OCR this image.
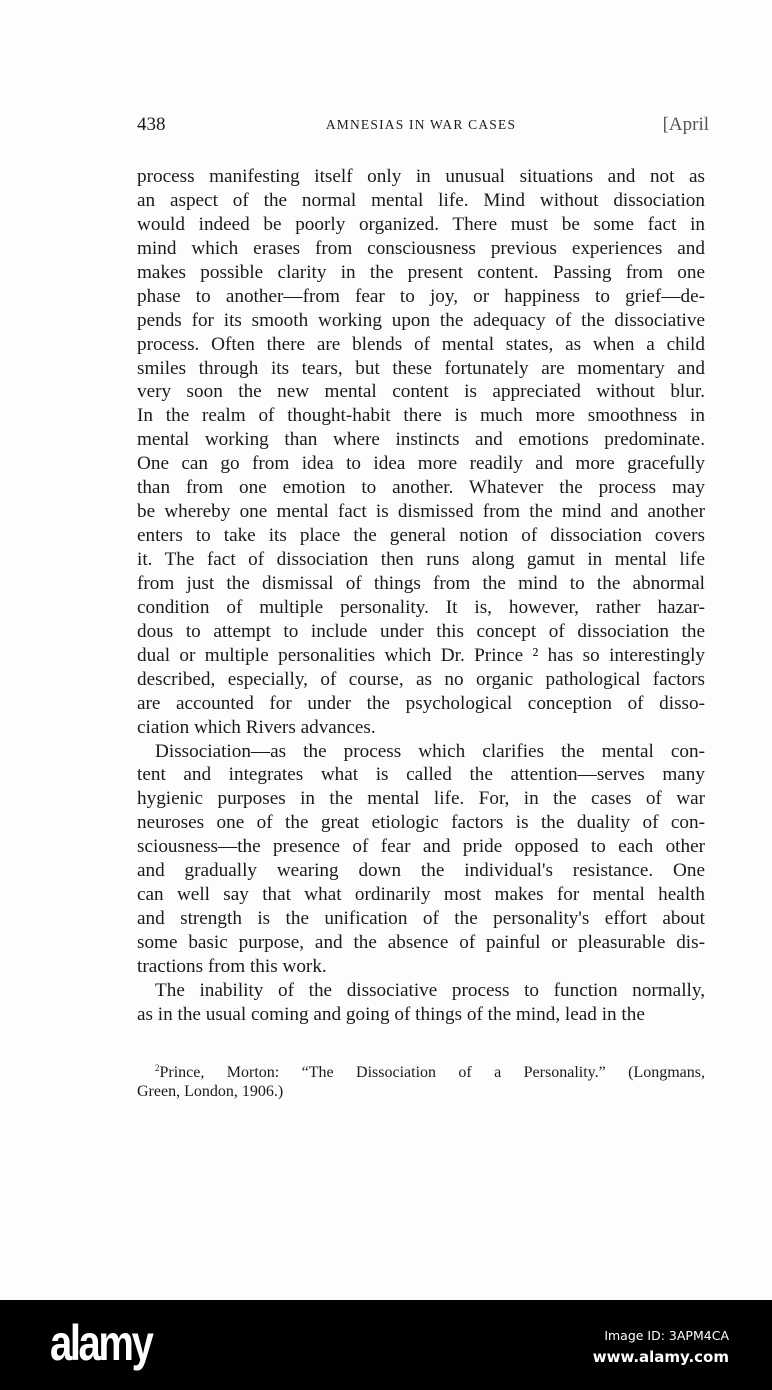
438	AMNESIAS IN WAR CASES	[April
process manifesting itself only in unusual situations and not as
an aspect of the normal mental life. Mind without dissociation
would indeed be poorly organized. There must be some fact in
mind which erases from consciousness previous experiences and
makes possible clarity in the present content. Passing from one
phase to another—from fear to joy, or happiness to grief—de-
pends for its smooth working upon the adequacy of the dissociative
process. Often there are blends of mental states, as when a child
smiles through its tears, but these fortunately are momentary and
very soon the new mental content is appreciated without blur.
In the realm of thought-habit there is much more smoothness in
mental working than where instincts and emotions predominate.
One can go from idea to idea more readily and more gracefully
than from one emotion to another. Whatever the process may
be whereby one mental fact is dismissed from the mind and another
enters to take its place the general notion of dissociation covers
it. The fact of dissociation then runs along gamut in mental life
from just the dismissal of things from the mind to the abnormal
condition of multiple personality. It is, however, rather hazar-
dous to attempt to include under this concept of dissociation the
dual or multiple personalities which Dr. Prince ² has so interestingly
described, especially, of course, as no organic pathological factors
are accounted for under the psychological conception of disso-
ciation which Rivers advances.
Dissociation—as the process which clarifies the mental con-
tent and integrates what is called the attention—serves many
hygienic purposes in the mental life. For, in the cases of war
neuroses one of the great etiologic factors is the duality of con-
sciousness—the presence of fear and pride opposed to each other
and gradually wearing down the individual's resistance. One
can well say that what ordinarily most makes for mental health
and strength is the unification of the personality's effort about
some basic purpose, and the absence of painful or pleasurable dis-
tractions from this work.
The inability of the dissociative process to function normally,
as in the usual coming and going of things of the mind, lead in the
$^2$Prince, Morton: “The Dissociation of a Personality.” (Longmans,
Green, London, 1906.)
alamy	Image ID: 3APM4CA
www.alamy.com
